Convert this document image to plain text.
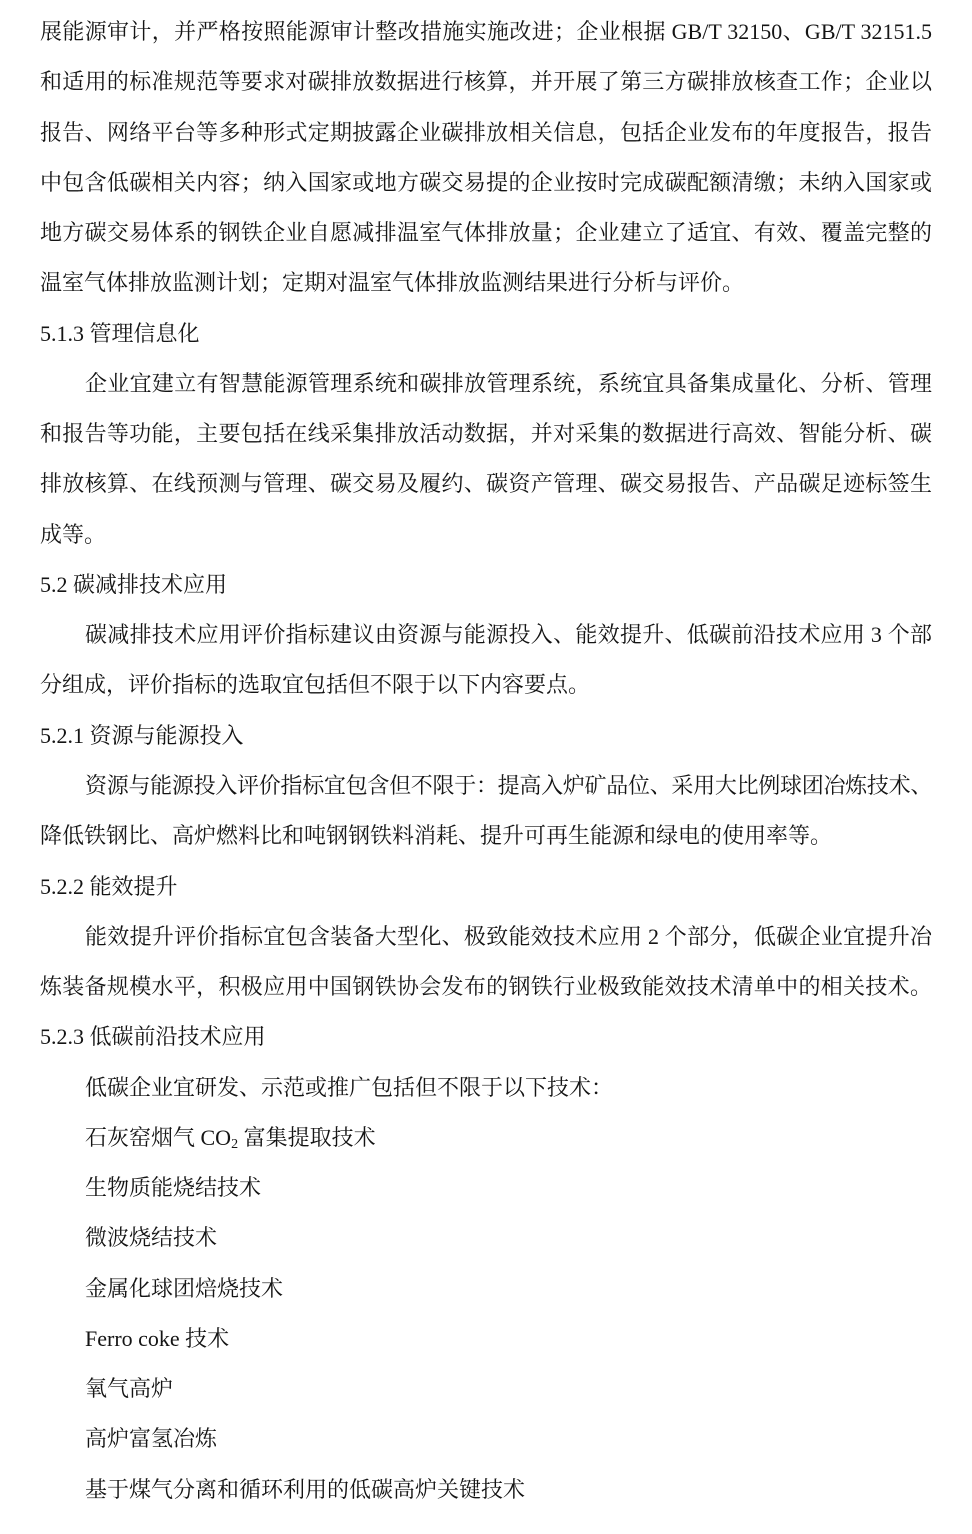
展能源审计，并严格按照能源审计整改措施实施改进；企业根据 GB/T 32150、GB/T 32151.5
和适用的标准规范等要求对碳排放数据进行核算，并开展了第三方碳排放核查工作；企业以
报告、网络平台等多种形式定期披露企业碳排放相关信息，包括企业发布的年度报告，报告
中包含低碳相关内容；纳入国家或地方碳交易提的企业按时完成碳配额清缴；未纳入国家或
地方碳交易体系的钢铁企业自愿减排温室气体排放量；企业建立了适宜、有效、覆盖完整的
温室气体排放监测计划；定期对温室气体排放监测结果进行分析与评价。
5.1.3 管理信息化
企业宜建立有智慧能源管理系统和碳排放管理系统，系统宜具备集成量化、分析、管理
和报告等功能，主要包括在线采集排放活动数据，并对采集的数据进行高效、智能分析、碳
排放核算、在线预测与管理、碳交易及履约、碳资产管理、碳交易报告、产品碳足迹标签生
成等。
5.2 碳减排技术应用
碳减排技术应用评价指标建议由资源与能源投入、能效提升、低碳前沿技术应用 3 个部
分组成，评价指标的选取宜包括但不限于以下内容要点。
5.2.1 资源与能源投入
资源与能源投入评价指标宜包含但不限于：提高入炉矿品位、采用大比例球团冶炼技术、
降低铁钢比、高炉燃料比和吨钢钢铁料消耗、提升可再生能源和绿电的使用率等。
5.2.2 能效提升
能效提升评价指标宜包含装备大型化、极致能效技术应用 2 个部分，低碳企业宜提升冶
炼装备规模水平，积极应用中国钢铁协会发布的钢铁行业极致能效技术清单中的相关技术。
5.2.3 低碳前沿技术应用
低碳企业宜研发、示范或推广包括但不限于以下技术：
石灰窑烟气 $CO_2$ 富集提取技术
生物质能烧结技术
微波烧结技术
金属化球团焙烧技术
Ferro coke 技术
氧气高炉
高炉富氢冶炼
基于煤气分离和循环利用的低碳高炉关键技术
